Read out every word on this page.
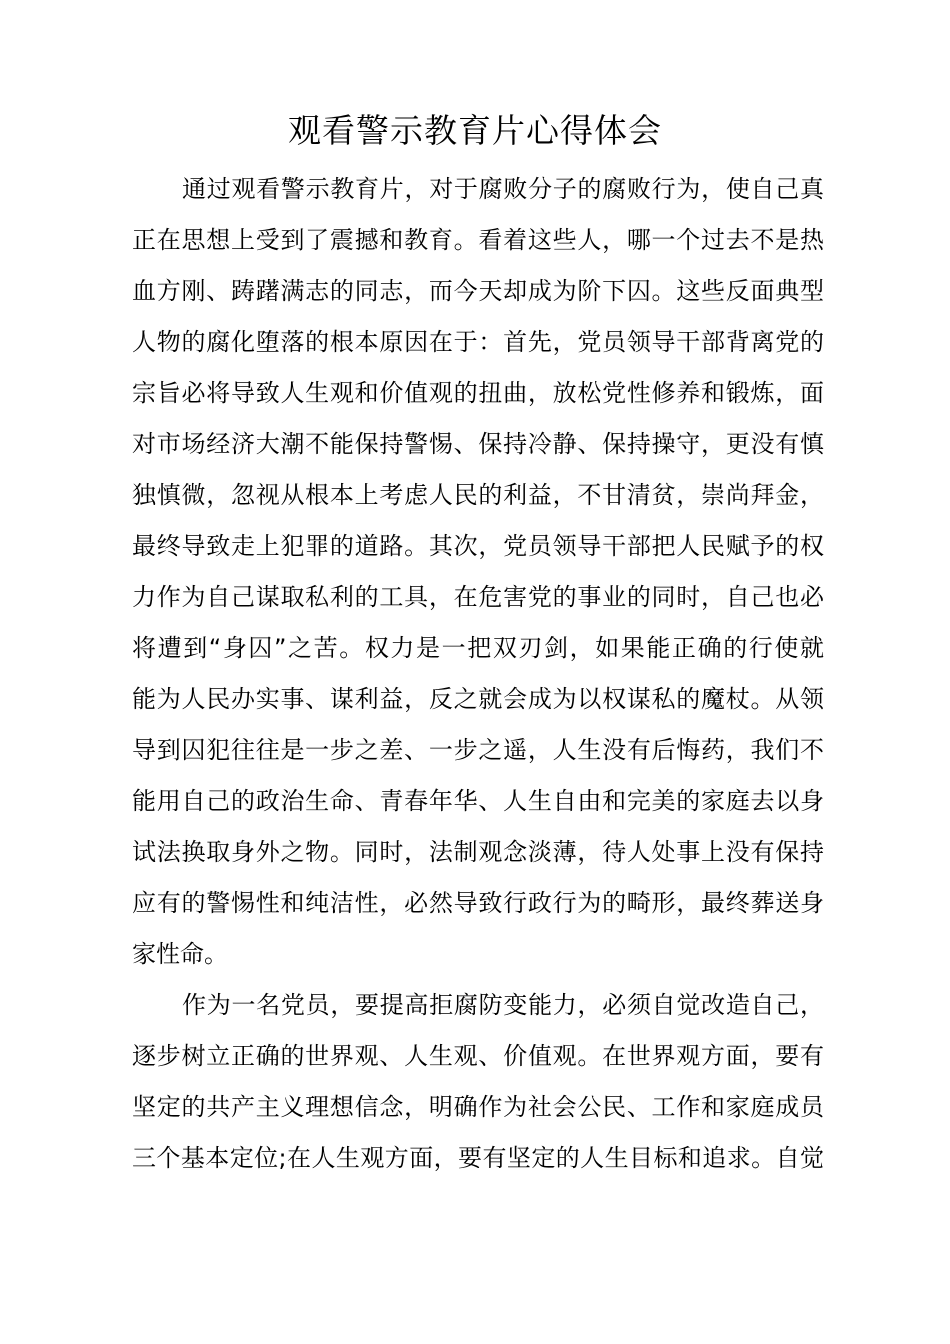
观看警示教育片心得体会
通过观看警示教育片，对于腐败分子的腐败行为，使自己真
正在思想上受到了震撼和教育。看着这些人，哪一个过去不是热
血方刚、踌躇满志的同志，而今天却成为阶下囚。这些反面典型
人物的腐化堕落的根本原因在于：首先，党员领导干部背离党的
宗旨必将导致人生观和价值观的扭曲，放松党性修养和锻炼，面
对市场经济大潮不能保持警惕、保持冷静、保持操守，更没有慎
独慎微，忽视从根本上考虑人民的利益，不甘清贫，崇尚拜金，
最终导致走上犯罪的道路。其次，党员领导干部把人民赋予的权
力作为自己谋取私利的工具，在危害党的事业的同时，自己也必
将遭到“身囚”之苦。权力是一把双刃剑，如果能正确的行使就
能为人民办实事、谋利益，反之就会成为以权谋私的魔杖。从领
导到囚犯往往是一步之差、一步之遥，人生没有后悔药，我们不
能用自己的政治生命、青春年华、人生自由和完美的家庭去以身
试法换取身外之物。同时，法制观念淡薄，待人处事上没有保持
应有的警惕性和纯洁性，必然导致行政行为的畸形，最终葬送身
家性命。
作为一名党员，要提高拒腐防变能力，必须自觉改造自己，
逐步树立正确的世界观、人生观、价值观。在世界观方面，要有
坚定的共产主义理想信念，明确作为社会公民、工作和家庭成员
三个基本定位;在人生观方面，要有坚定的人生目标和追求。自觉
